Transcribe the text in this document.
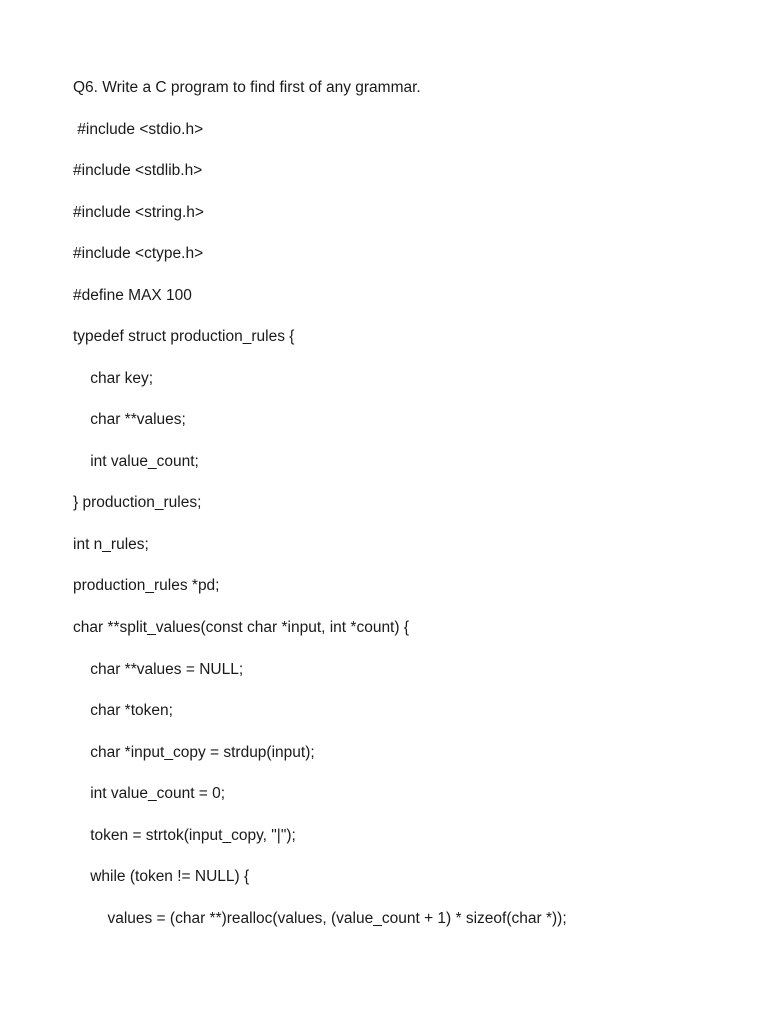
Q6. Write a C program to find first of any grammar.
#include <stdio.h>
#include <stdlib.h>
#include <string.h>
#include <ctype.h>
#define MAX 100
typedef struct production_rules {
char key;
char **values;
int value_count;
} production_rules;
int n_rules;
production_rules *pd;
char **split_values(const char *input, int *count) {
char **values = NULL;
char *token;
char *input_copy = strdup(input);
int value_count = 0;
token = strtok(input_copy, "|");
while (token != NULL) {
values = (char **)realloc(values, (value_count + 1) * sizeof(char *));
